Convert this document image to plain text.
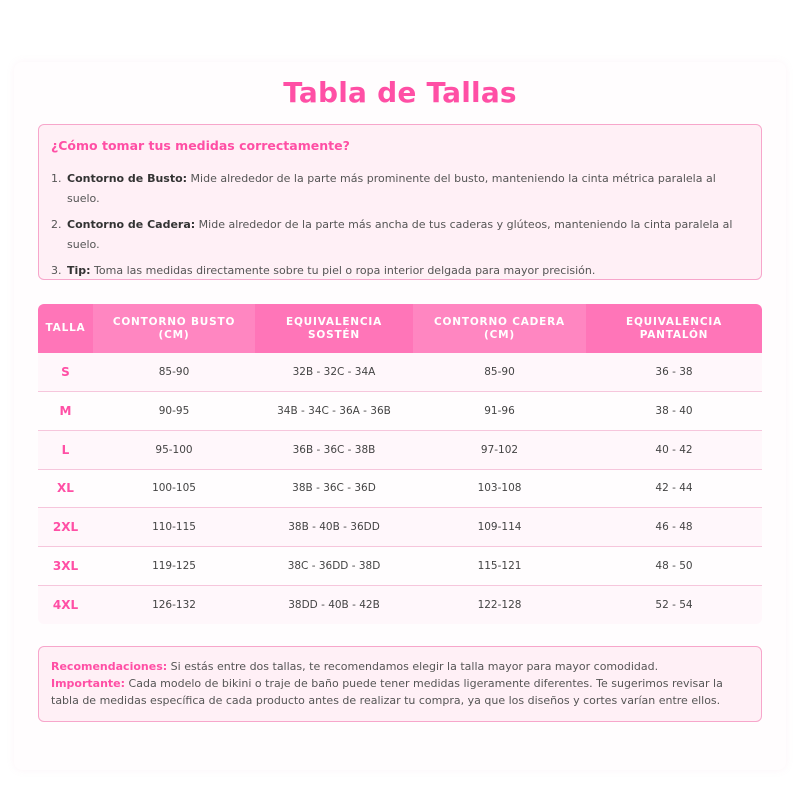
Tabla de Tallas
¿Cómo tomar tus medidas correctamente?
1. Contorno de Busto: Mide alrededor de la parte más prominente del busto, manteniendo la cinta métrica paralela al suelo.
2. Contorno de Cadera: Mide alrededor de la parte más ancha de tus caderas y glúteos, manteniendo la cinta paralela al suelo.
3. Tip: Toma las medidas directamente sobre tu piel o ropa interior delgada para mayor precisión.
TALLA	CONTORNO BUSTO (CM)	EQUIVALENCIA SOSTÉN	CONTORNO CADERA (CM)	EQUIVALENCIA PANTALÓN
S	85-90	32B - 32C - 34A	85-90	36 - 38
M	90-95	34B - 34C - 36A - 36B	91-96	38 - 40
L	95-100	36B - 36C - 38B	97-102	40 - 42
XL	100-105	38B - 36C - 36D	103-108	42 - 44
2XL	110-115	38B - 40B - 36DD	109-114	46 - 48
3XL	119-125	38C - 36DD - 38D	115-121	48 - 50
4XL	126-132	38DD - 40B - 42B	122-128	52 - 54
Recomendaciones: Si estás entre dos tallas, te recomendamos elegir la talla mayor para mayor comodidad.
Importante: Cada modelo de bikini o traje de baño puede tener medidas ligeramente diferentes. Te sugerimos revisar la tabla de medidas específica de cada producto antes de realizar tu compra, ya que los diseños y cortes varían entre ellos.
